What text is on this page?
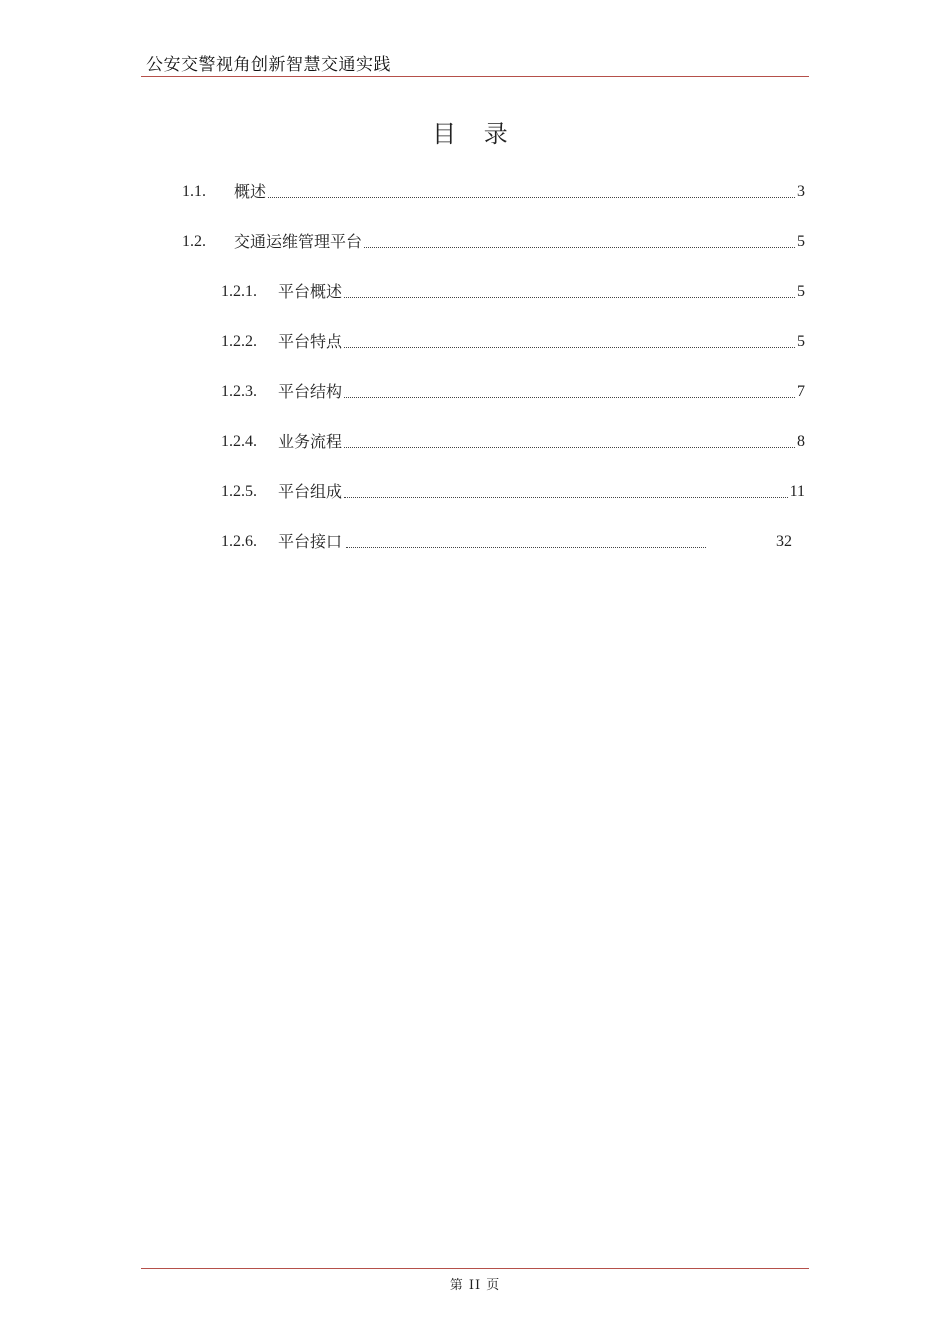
公安交警视角创新智慧交通实践
目 录
1.1.	概述	3
1.2.	交通运维管理平台	5
1.2.1.	平台概述	5
1.2.2.	平台特点	5
1.2.3.	平台结构	7
1.2.4.	业务流程	8
1.2.5.	平台组成	11
1.2.6.	平台接口	32
第 II 页
